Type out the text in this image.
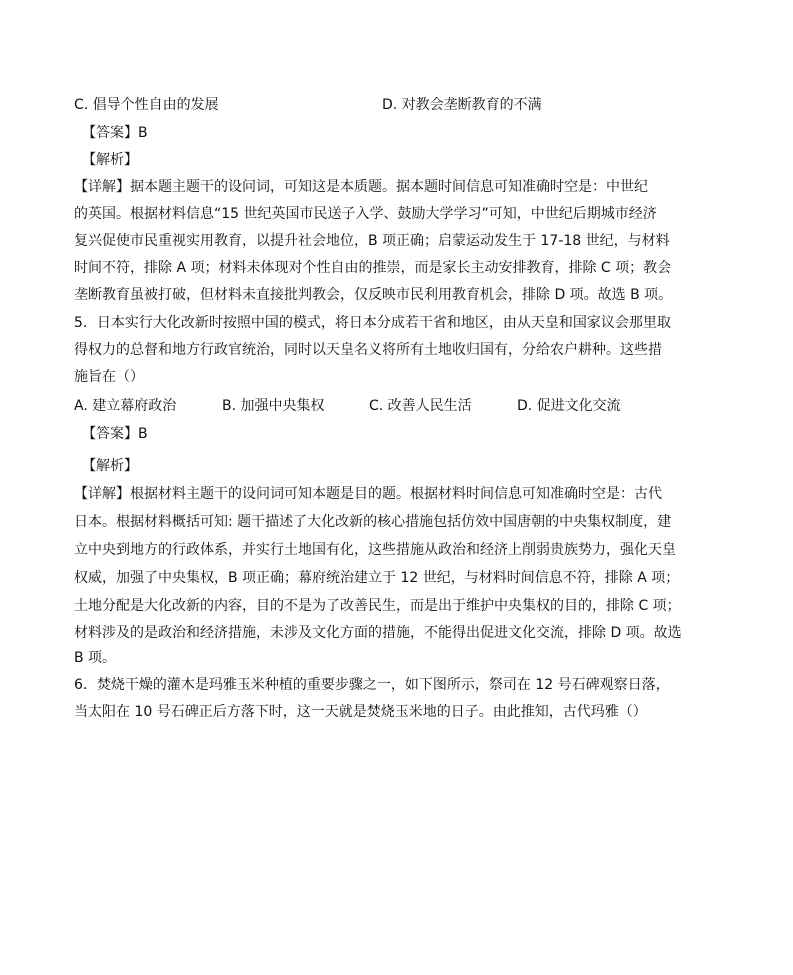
C. 倡导个性自由的发展	D. 对教会垄断教育的不满
【答案】B
【解析】
【详解】据本题主题干的设问词，可知这是本质题。据本题时间信息可知准确时空是：中世纪
的英国。根据材料信息“15 世纪英国市民送子入学、鼓励大学学习”可知，中世纪后期城市经济
复兴促使市民重视实用教育，以提升社会地位，B 项正确；启蒙运动发生于 17-18 世纪，与材料
时间不符，排除 A 项；材料未体现对个性自由的推崇，而是家长主动安排教育，排除 C 项；教会
垄断教育虽被打破，但材料未直接批判教会，仅反映市民利用教育机会，排除 D 项。故选 B 项。
5．日本实行大化改新时按照中国的模式，将日本分成若干省和地区，由从天皇和国家议会那里取
得权力的总督和地方行政官统治，同时以天皇名义将所有土地收归国有，分给农户耕种。这些措
施旨在（）
A. 建立幕府政治	B. 加强中央集权	C. 改善人民生活	D. 促进文化交流
【答案】B
【解析】
【详解】根据材料主题干的设问词可知本题是目的题。根据材料时间信息可知准确时空是：古代
日本。根据材料概括可知: 题干描述了大化改新的核心措施包括仿效中国唐朝的中央集权制度，建
立中央到地方的行政体系，并实行土地国有化，这些措施从政治和经济上削弱贵族势力，强化天皇
权威，加强了中央集权，B 项正确；幕府统治建立于 12 世纪，与材料时间信息不符，排除 A 项；
土地分配是大化改新的内容，目的不是为了改善民生，而是出于维护中央集权的目的，排除 C 项；
材料涉及的是政治和经济措施，未涉及文化方面的措施，不能得出促进文化交流，排除 D 项。故选
B 项。
6．焚烧干燥的灌木是玛雅玉米种植的重要步骤之一，如下图所示，祭司在 12 号石碑观察日落，
当太阳在 10 号石碑正后方落下时，这一天就是焚烧玉米地的日子。由此推知，古代玛雅（）
